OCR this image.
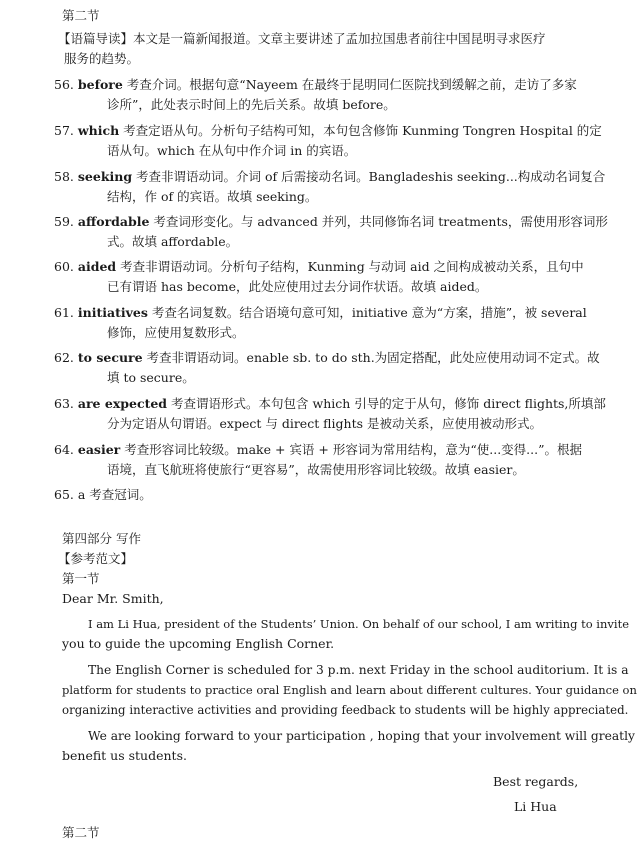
第二节
【语篇导读】本文是一篇新闻报道。文章主要讲述了孟加拉国患者前往中国昆明寻求医疗
服务的趋势。
56. before 考查介词。根据句意“Nayeem 在最终于昆明同仁医院找到缓解之前，走访了多家
诊所”，此处表示时间上的先后关系。故填 before。
57. which 考查定语从句。分析句子结构可知，本句包含修饰 Kunming Tongren Hospital 的定
语从句。which 在从句中作介词 in 的宾语。
58. seeking 考查非谓语动词。介词 of 后需接动名词。Bangladeshis seeking...构成动名词复合
结构，作 of 的宾语。故填 seeking。
59. affordable 考查词形变化。与 advanced 并列，共同修饰名词 treatments，需使用形容词形
式。故填 affordable。
60. aided 考查非谓语动词。分析句子结构，Kunming 与动词 aid 之间构成被动关系，且句中
已有谓语 has become，此处应使用过去分词作状语。故填 aided。
61. initiatives 考查名词复数。结合语境句意可知，initiative 意为“方案，措施”，被 several
修饰，应使用复数形式。
62. to secure 考查非谓语动词。enable sb. to do sth.为固定搭配，此处应使用动词不定式。故
填 to secure。
63. are expected 考查谓语形式。本句包含 which 引导的定于从句，修饰 direct flights,所填部
分为定语从句谓语。expect 与 direct flights 是被动关系，应使用被动形式。
64. easier 考查形容词比较级。make + 宾语 + 形容词为常用结构，意为“使...变得...”。根据
语境，直飞航班将使旅行“更容易”，故需使用形容词比较级。故填 easier。
65. a 考查冠词。
第四部分 写作
【参考范文】
第一节
Dear Mr. Smith,
I am Li Hua, president of the Students’ Union. On behalf of our school, I am writing to invite
you to guide the upcoming English Corner.
The English Corner is scheduled for 3 p.m. next Friday in the school auditorium. It is a
platform for students to practice oral English and learn about different cultures. Your guidance on
organizing interactive activities and providing feedback to students will be highly appreciated.
We are looking forward to your participation , hoping that your involvement will greatly
benefit us students.
Best regards,
Li Hua
第二节
